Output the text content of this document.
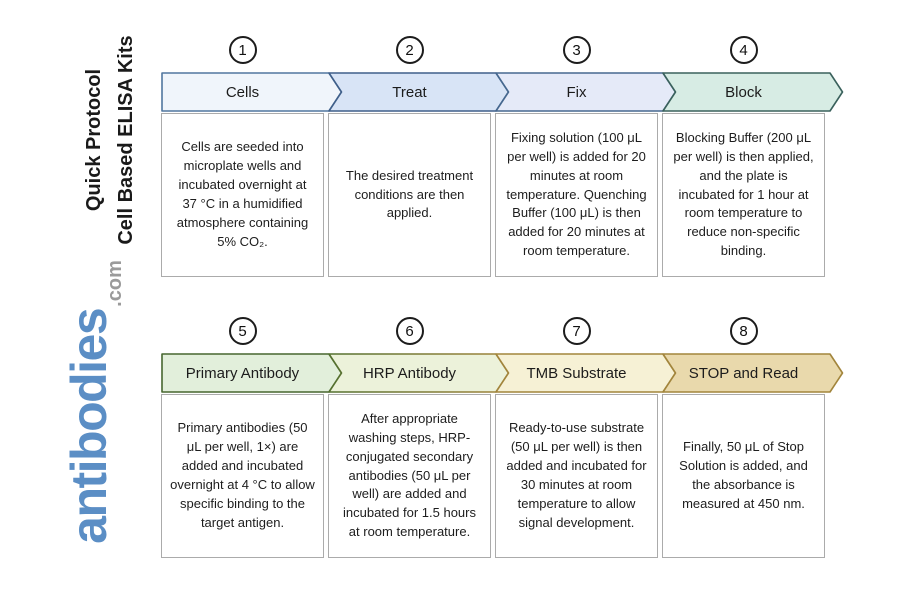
Cell Based ELISA Kits
Quick Protocol
antibodies
.com
1
Cells
Cells are seeded into microplate wells and incubated overnight at 37 °C in a humidified atmosphere containing 5% CO₂.
2
Treat
The desired treatment conditions are then applied.
3
Fix
Fixing solution (100 μL per well) is added for 20 minutes at room temperature. Quenching Buffer (100 μL) is then added for 20 minutes at room temperature.
4
Block
Blocking Buffer (200 μL per well) is then applied, and the plate is incubated for 1 hour at room temperature to reduce non-specific binding.
5
Primary Antibody
Primary antibodies (50 μL per well, 1×) are added and incubated overnight at 4 °C to allow specific binding to the target antigen.
6
HRP Antibody
After appropriate washing steps, HRP-conjugated secondary antibodies (50 μL per well) are added and incubated for 1.5 hours at room temperature.
7
TMB Substrate
Ready-to-use substrate (50 μL per well) is then added and incubated for 30 minutes at room temperature to allow signal development.
8
STOP and Read
Finally, 50 μL of Stop Solution is added, and the absorbance is measured at 450 nm.
